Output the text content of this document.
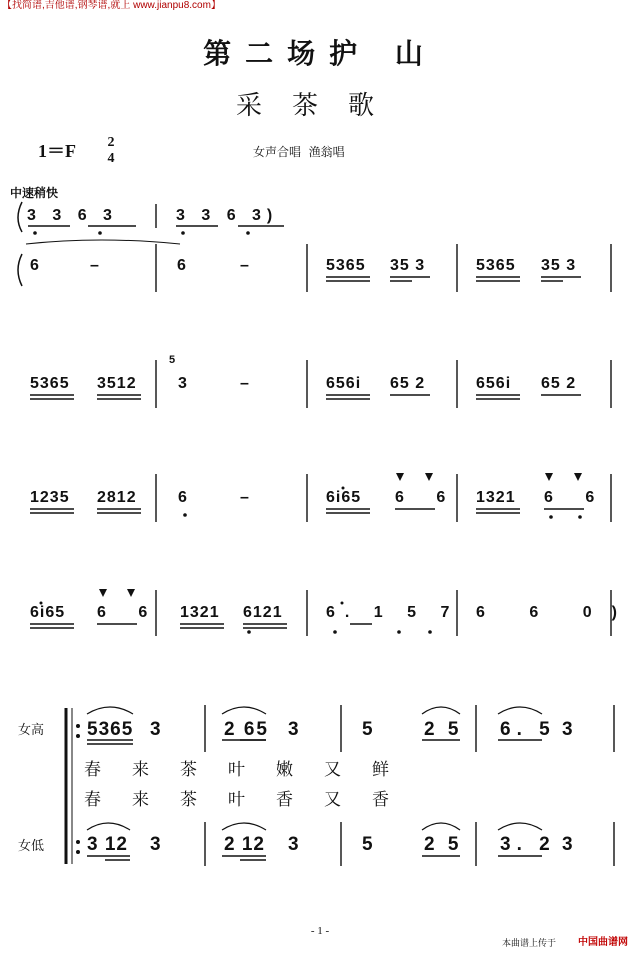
【找简谱,吉他谱,钢琴谱,就上 www.jianpu8.com】
第二场护 山
采茶歌
1＝F 2
4	女声合唱  渔翁唱
中速稍快
3 3 6 3	3 3 6 3)
6	–	6	–	5365 35 3	5365 35 3
5365 3512
5
3	–	656i 65 2	656i 65 2
1235 2812	6	–	6i65 6 6 1321 6 6
6i65 6 6 1321 6121	6. 1 5 7 6 6 0)
女高
女低
5365 3	2 65 3	5	2 5 6. 5 3
春来茶叶嫩又鲜
春来茶叶香又香
3 12 3	2 12 3	5	2 5 3. 2 3
- 1 -
本曲谱上传于 中国曲谱网
